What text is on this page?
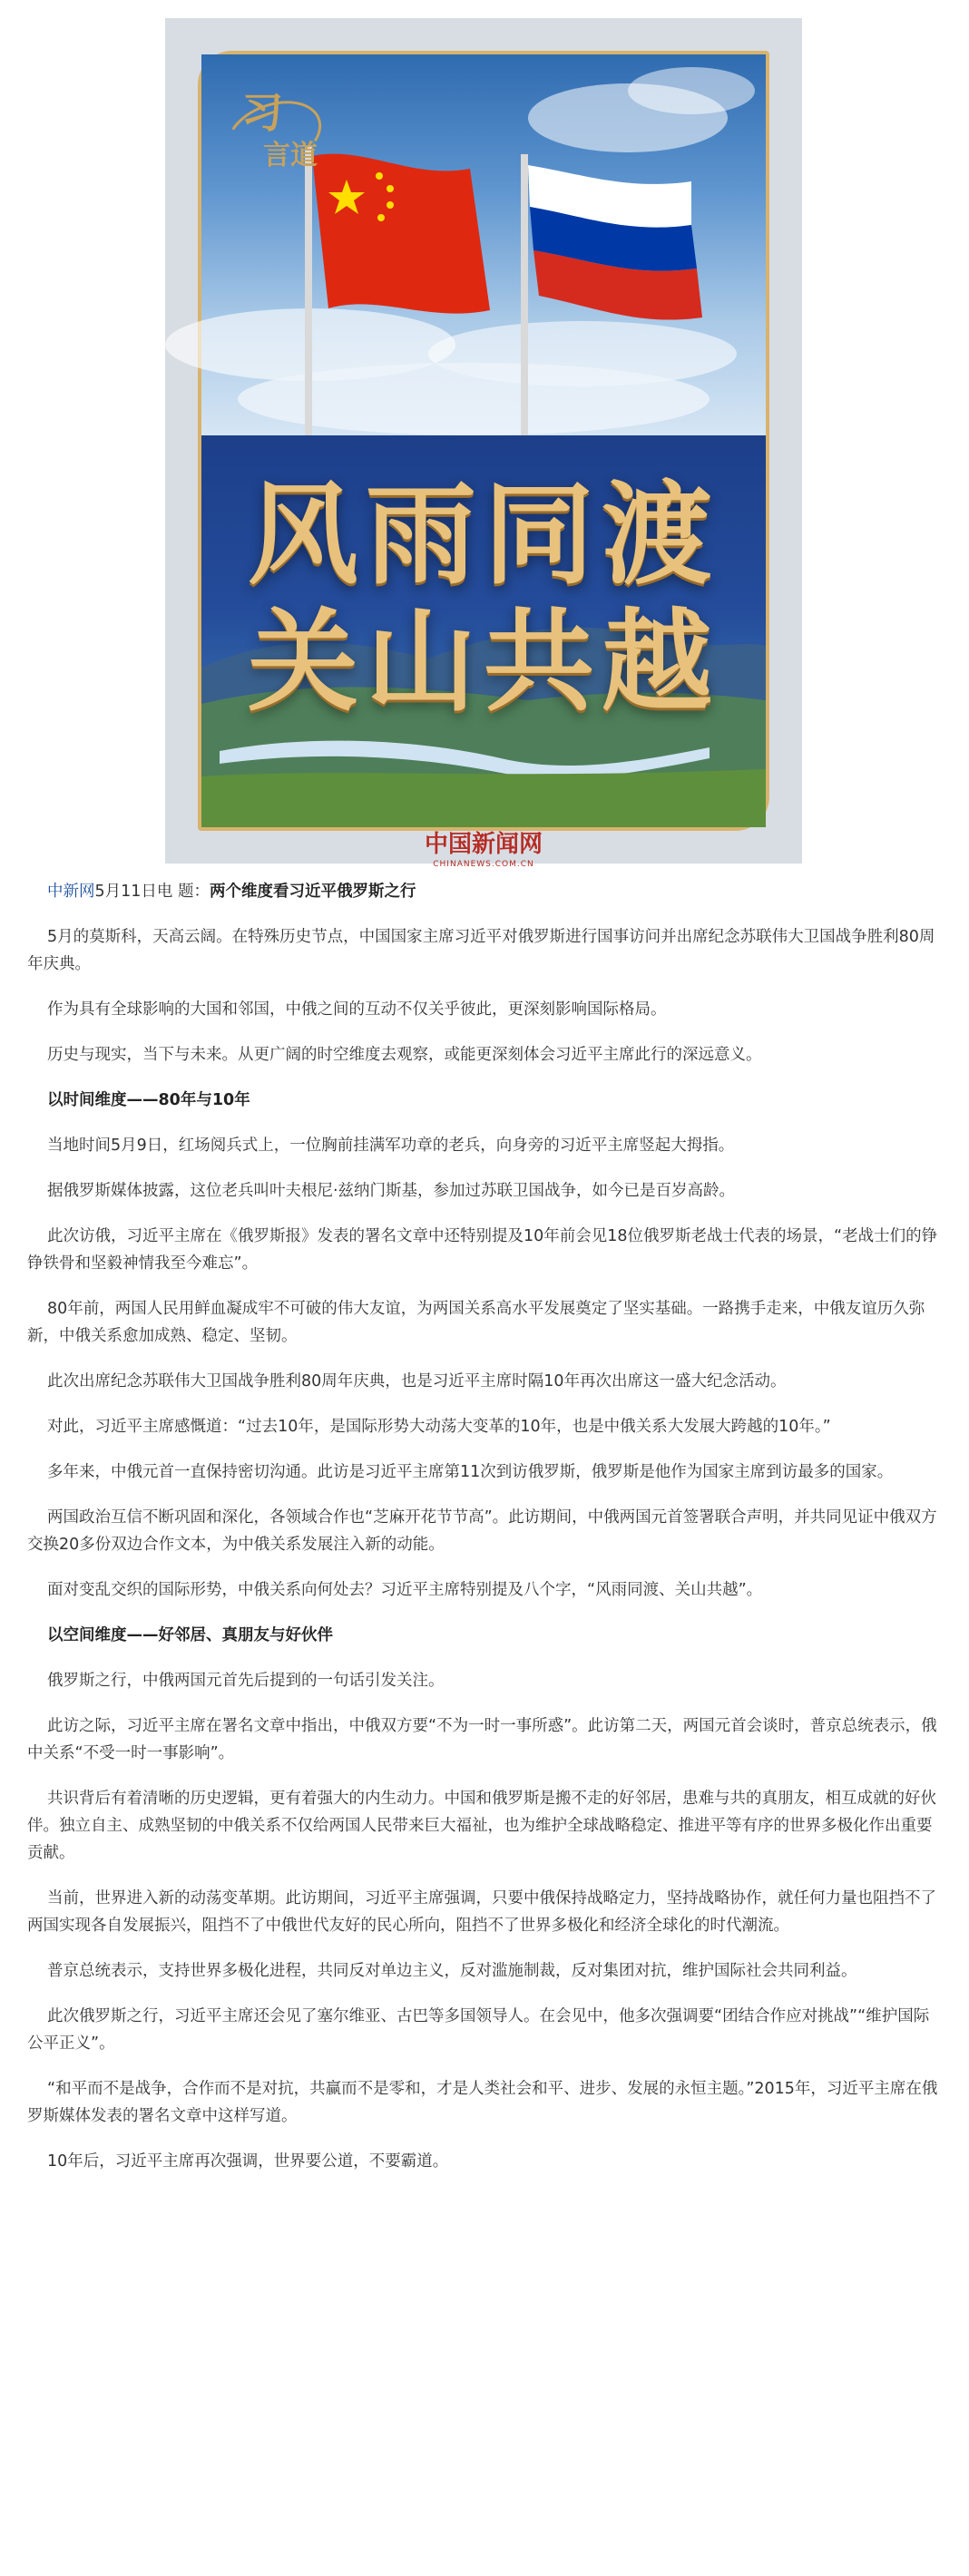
习
言道
风雨同渡
关山共越
中国新闻网
CHINANEWS.COM.CN

中新网5月11日电 题：两个维度看习近平俄罗斯之行

5月的莫斯科，天高云阔。在特殊历史节点，中国国家主席习近平对俄罗斯进行国事访问并出席纪念苏联伟大卫国战争胜利80周年庆典。

作为具有全球影响的大国和邻国，中俄之间的互动不仅关乎彼此，更深刻影响国际格局。

历史与现实，当下与未来。从更广阔的时空维度去观察，或能更深刻体会习近平主席此行的深远意义。

以时间维度——80年与10年

当地时间5月9日，红场阅兵式上，一位胸前挂满军功章的老兵，向身旁的习近平主席竖起大拇指。

据俄罗斯媒体披露，这位老兵叫叶夫根尼·兹纳门斯基，参加过苏联卫国战争，如今已是百岁高龄。

此次访俄，习近平主席在《俄罗斯报》发表的署名文章中还特别提及10年前会见18位俄罗斯老战士代表的场景，“老战士们的铮铮铁骨和坚毅神情我至今难忘”。

80年前，两国人民用鲜血凝成牢不可破的伟大友谊，为两国关系高水平发展奠定了坚实基础。一路携手走来，中俄友谊历久弥新，中俄关系愈加成熟、稳定、坚韧。

此次出席纪念苏联伟大卫国战争胜利80周年庆典，也是习近平主席时隔10年再次出席这一盛大纪念活动。

对此，习近平主席感慨道：“过去10年，是国际形势大动荡大变革的10年，也是中俄关系大发展大跨越的10年。”

多年来，中俄元首一直保持密切沟通。此访是习近平主席第11次到访俄罗斯，俄罗斯是他作为国家主席到访最多的国家。

两国政治互信不断巩固和深化，各领域合作也“芝麻开花节节高”。此访期间，中俄两国元首签署联合声明，并共同见证中俄双方交换20多份双边合作文本，为中俄关系发展注入新的动能。

面对变乱交织的国际形势，中俄关系向何处去？习近平主席特别提及八个字，“风雨同渡、关山共越”。

以空间维度——好邻居、真朋友与好伙伴

俄罗斯之行，中俄两国元首先后提到的一句话引发关注。

此访之际，习近平主席在署名文章中指出，中俄双方要“不为一时一事所惑”。此访第二天，两国元首会谈时，普京总统表示，俄中关系“不受一时一事影响”。

共识背后有着清晰的历史逻辑，更有着强大的内生动力。中国和俄罗斯是搬不走的好邻居，患难与共的真朋友，相互成就的好伙伴。独立自主、成熟坚韧的中俄关系不仅给两国人民带来巨大福祉，也为维护全球战略稳定、推进平等有序的世界多极化作出重要贡献。

当前，世界进入新的动荡变革期。此访期间，习近平主席强调，只要中俄保持战略定力，坚持战略协作，就任何力量也阻挡不了两国实现各自发展振兴，阻挡不了中俄世代友好的民心所向，阻挡不了世界多极化和经济全球化的时代潮流。

普京总统表示，支持世界多极化进程，共同反对单边主义，反对滥施制裁，反对集团对抗，维护国际社会共同利益。

此次俄罗斯之行，习近平主席还会见了塞尔维亚、古巴等多国领导人。在会见中，他多次强调要“团结合作应对挑战”“维护国际公平正义”。

“和平而不是战争，合作而不是对抗，共赢而不是零和，才是人类社会和平、进步、发展的永恒主题。”2015年，习近平主席在俄罗斯媒体发表的署名文章中这样写道。

10年后，习近平主席再次强调，世界要公道，不要霸道。
